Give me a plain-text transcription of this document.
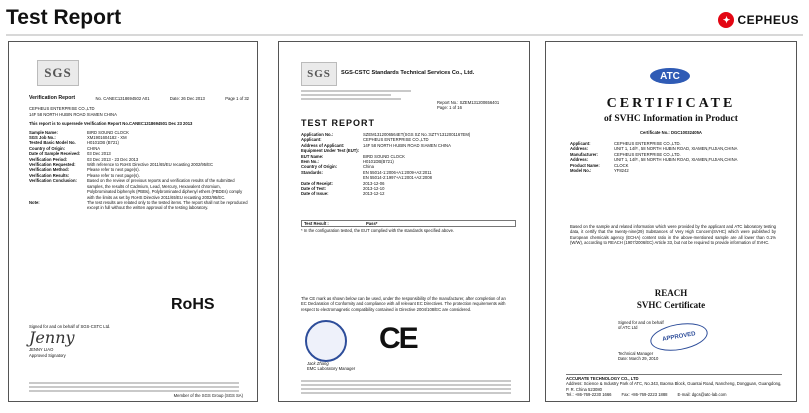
Test Report	✦ CEPHEUS
SGS
Verification Report	No. CANEC1318694502 A01	Date: 26 Dec 2013	Page 1 of 32
CEPHEUS ENTERPRISE CO.,LTD
14F 58 NORTH HUBIN ROAD XIAMEN CHINA
This report is to supersede Verification Report No.CANEC1318694501 Dec 23 2013
Sample Name:	BIRD SOUND CLOCK
SGS Job No.:	XM1901604182 - XM
Tested Basic Model No.	H0101DB (B721)
Country of Origin:	CHINA
Date of Sample Received:	03 Dec 2013
Verification Period:	03 Dec 2013 - 23 Dec 2013
Verification Requested:	With reference to RoHS Directive 2011/65/EU recasting 2002/95/EC
Verification Method:	Please refer to next page(s).
Verification Results:	Please refer to next page(s).
Verification Conclusion:	Based on the review of previous reports and verification results of the submitted samples, the results of Cadmium, Lead, Mercury, Hexavalent chromium, Polybrominated biphenyls (PBBs), Polybrominated diphenyl ethers (PBDEs) comply with the limits as set by RoHS Directive 2011/65/EU recasting 2002/95/EC.
Note:	The test results are related only to the tested items. The report shall not be reproduced except in full without the written approval of the testing laboratory.
Signed for and on behalf of SGS-CSTC Ltd.
Jenny
JENNY LIAO
Approved Signatory
RoHS
Member of the SGS Group (SGS SA)
SGS SGS-CSTC Standards Technical Services Co., Ltd.
Report No.: SZEM131200656401
Page: 1 of 16
TEST REPORT
Application No.:	SZEM1312006564ET(SGS SZ No.:SZTY1312001167EM)
Applicant:	CEPHEUS ENTERPRISE CO.,LTD
Address of Applicant:	14F 58 NORTH HUBIN ROAD XIAMEN CHINA
Equipment Under Test (EUT):
EUT Name:	BIRD SOUND CLOCK
Item No.:	H0101DB(B721)
Country of Origin:	China
Standards:	EN 55014-1:2006+A1:2009+A2:2011
EN 55014-2:1997+A1:2001+A2:2008
Date of Receipt:	2013-12-06
Date of Test:	2013-12-10
Date of Issue:	2013-12-12
Test Result :	Pass*
* In the configuration tested, the EUT complied with the standards specified above.
The CE mark as shown below can be used, under the responsibility of the manufacturer, after completion of an EC Declaration of Conformity and compliance with all relevant EC Directives. The protection requirements with respect to electromagnetic compatibility contained in Directive 2004/108/EC are considered.
CE
Jack Zhang
EMC Laboratory Manager
ATC
CERTIFICATE
of SVHC Information in Product
Certificate No.: DGC10032405A
Applicant:	CEPHEUS ENTERPRISE CO.,LTD.
Address:	UNIT 1, 14/F., 58 NORTH HUBIN ROAD, XIAMEN,FUJIAN,CHINA
Manufacturer:	CEPHEUS ENTERPRISE CO.,LTD.
Address:	UNIT 1, 14/F., 58 NORTH HUBIN ROAD, XIAMEN,FUJIAN,CHINA
Product Name:	CLOCK
Model No.:	YF8242
Based on the sample and related information which were provided by the applicant and ATC laboratory testing data, it certify that the twenty-nine(29) Substances of Very High Concern(SVHC) which were published by European chemicals agency (ECHA) content ratio in the above-mentioned sample are all lower than 0.1%(W/W), according to REACH (1907/2006/EC) Article 33, but not be required to provide information of SVHC.
REACH
SVHC Certificate
Signed for and on behalf of ATC Ltd
APPROVED
Technical Manager
Date: March 29, 2010
ACCURATE TECHNOLOGY CO., LTD
Address: Science & Industry Park of ATC, No.343, Baoma Block, Guantai Road, Nancheng, Dongguan, Guangdong, P. R. China 523080
Tel.: +86-769-2230 1666 Fax: +86-769-2223 1888 E-mail: dgcs@atc-lab.com
